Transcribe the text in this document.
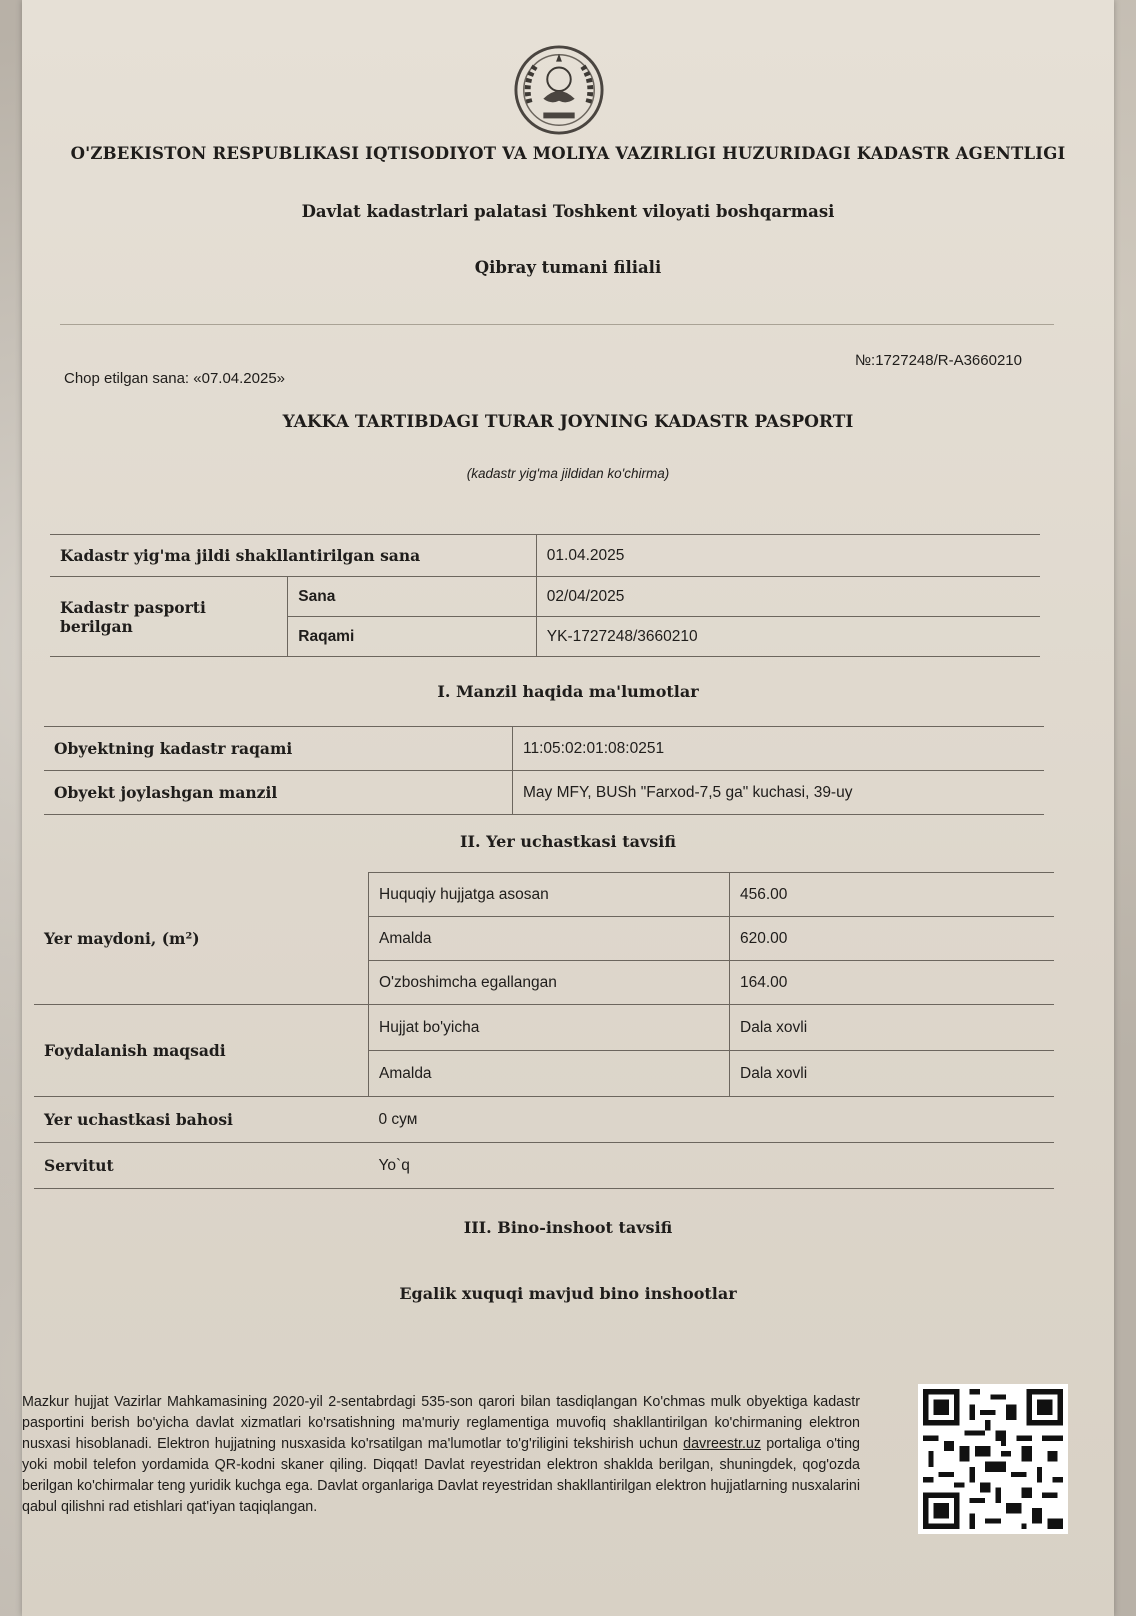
O'ZBEKISTON RESPUBLIKASI IQTISODIYOT VA MOLIYA VAZIRLIGI HUZURIDAGI KADASTR AGENTLIGI
Davlat kadastrlari palatasi Toshkent viloyati boshqarmasi
Qibray tumani filiali
Chop etilgan sana: «07.04.2025»
№:1727248/R-A3660210
YAKKA TARTIBDAGI TURAR JOYNING KADASTR PASPORTI
(kadastr yig'ma jildidan ko'chirma)
Kadastr yig'ma jildi shakllantirilgan sana		01.04.2025
Kadastr pasporti berilgan	Sana	02/04/2025
	Raqami	YK-1727248/3660210
I. Manzil haqida ma'lumotlar
Obyektning kadastr raqami	11:05:02:01:08:0251
Obyekt joylashgan manzil	May MFY, BUSh "Farxod-7,5 ga" kuchasi, 39-uy
II. Yer uchastkasi tavsifi
Yer maydoni, (m²)	Huquqiy hujjatga asosan	456.00
	Amalda	620.00
	O'zboshimcha egallangan	164.00
Foydalanish maqsadi	Hujjat bo'yicha	Dala xovli
	Amalda	Dala xovli
Yer uchastkasi bahosi	0 сум	
Servitut	Yo`q	
III. Bino-inshoot tavsifi
Egalik xuquqi mavjud bino inshootlar
Mazkur hujjat Vazirlar Mahkamasining 2020-yil 2-sentabrdagi 535-son qarori bilan tasdiqlangan Ko'chmas mulk obyektiga kadastr pasportini berish bo'yicha davlat xizmatlari ko'rsatishning ma'muriy reglamentiga muvofiq shakllantirilgan ko'chirmaning elektron nusxasi hisoblanadi. Elektron hujjatning nusxasida ko'rsatilgan ma'lumotlar to'g'riligini tekshirish uchun davreestr.uz portaliga o'ting yoki mobil telefon yordamida QR-kodni skaner qiling. Diqqat! Davlat reyestridan elektron shaklda berilgan, shuningdek, qog'ozda berilgan ko'chirmalar teng yuridik kuchga ega. Davlat organlariga Davlat reyestridan shakllantirilgan elektron hujjatlarning nusxalarini qabul qilishni rad etishlari qat'iyan taqiqlangan.
